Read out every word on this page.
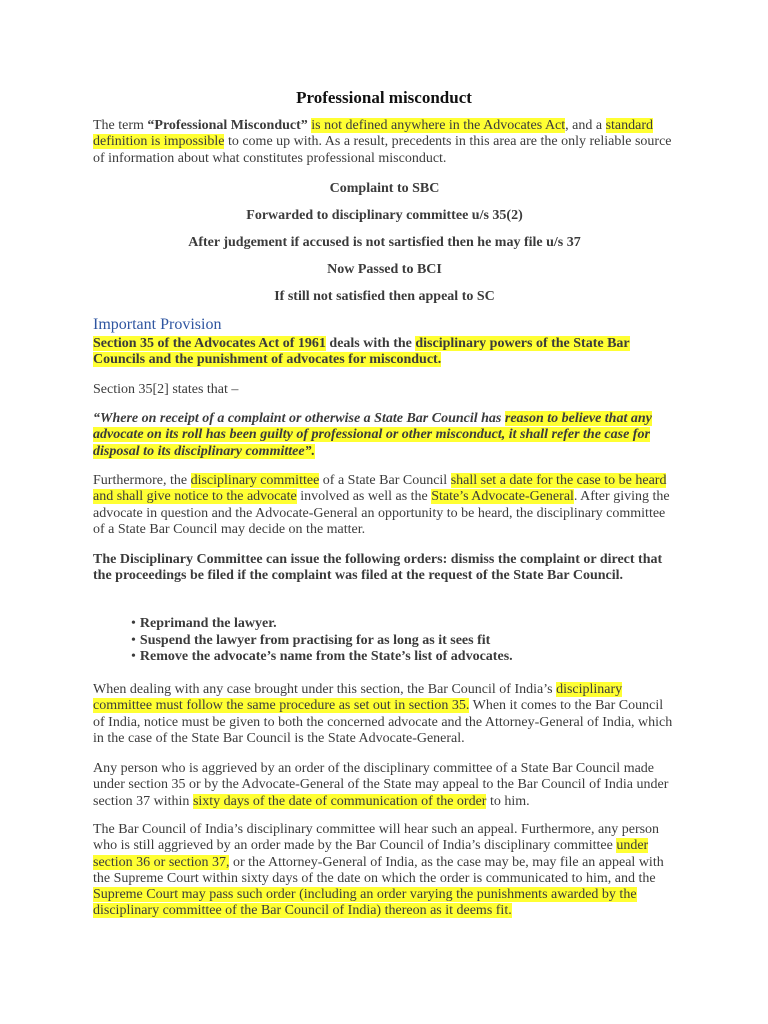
Professional misconduct

The term “Professional Misconduct” is not defined anywhere in the Advocates Act, and a standard definition is impossible to come up with. As a result, precedents in this area are the only reliable source of information about what constitutes professional misconduct.

Complaint to SBC

Forwarded to disciplinary committee u/s 35(2)

After judgement if accused is not sartisfied then he may file u/s 37

Now Passed to BCI

If still not satisfied then appeal to SC

Important Provision

Section 35 of the Advocates Act of 1961 deals with the disciplinary powers of the State Bar Councils and the punishment of advocates for misconduct.

Section 35[2] states that –

“Where on receipt of a complaint or otherwise a State Bar Council has reason to believe that any advocate on its roll has been guilty of professional or other misconduct, it shall refer the case for disposal to its disciplinary committee”.

Furthermore, the disciplinary committee of a State Bar Council shall set a date for the case to be heard and shall give notice to the advocate involved as well as the State’s Advocate-General. After giving the advocate in question and the Advocate-General an opportunity to be heard, the disciplinary committee of a State Bar Council may decide on the matter.

The Disciplinary Committee can issue the following orders: dismiss the complaint or direct that the proceedings be filed if the complaint was filed at the request of the State Bar Council.

• Reprimand the lawyer.
• Suspend the lawyer from practising for as long as it sees fit
• Remove the advocate’s name from the State’s list of advocates.

When dealing with any case brought under this section, the Bar Council of India’s disciplinary committee must follow the same procedure as set out in section 35. When it comes to the Bar Council of India, notice must be given to both the concerned advocate and the Attorney-General of India, which in the case of the State Bar Council is the State Advocate-General.

Any person who is aggrieved by an order of the disciplinary committee of a State Bar Council made under section 35 or by the Advocate-General of the State may appeal to the Bar Council of India under section 37 within sixty days of the date of communication of the order to him.

The Bar Council of India’s disciplinary committee will hear such an appeal. Furthermore, any person who is still aggrieved by an order made by the Bar Council of India’s disciplinary committee under section 36 or section 37, or the Attorney-General of India, as the case may be, may file an appeal with the Supreme Court within sixty days of the date on which the order is communicated to him, and the Supreme Court may pass such order (including an order varying the punishments awarded by the disciplinary committee of the Bar Council of India) thereon as it deems fit.
